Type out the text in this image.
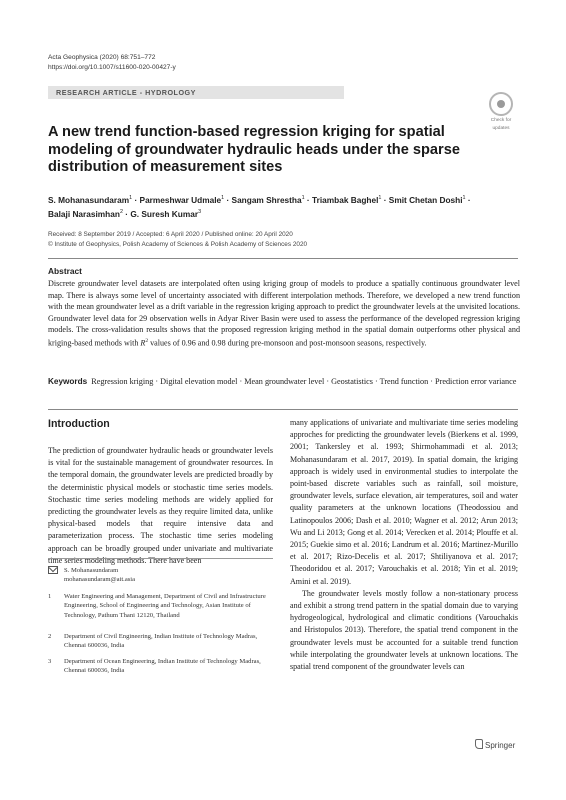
Acta Geophysica (2020) 68:751–772
https://doi.org/10.1007/s11600-020-00427-y
RESEARCH ARTICLE - HYDROLOGY
Check for
updates
A new trend function-based regression kriging for spatial modeling of groundwater hydraulic heads under the sparse distribution of measurement sites
S. Mohanasundaram$^1$ · Parmeshwar Udmale$^1$ · Sangam Shrestha$^1$ · Triambak Baghel$^1$ · Smit Chetan Doshi$^1$ ·
Balaji Narasimhan$^2$ · G. Suresh Kumar$^3$
Received: 8 September 2019 / Accepted: 6 April 2020 / Published online: 20 April 2020
© Institute of Geophysics, Polish Academy of Sciences & Polish Academy of Sciences 2020
Abstract
Discrete groundwater level datasets are interpolated often using kriging group of models to produce a spatially continuous groundwater level map. There is always some level of uncertainty associated with different interpolation methods. Therefore, we developed a new trend function with the mean groundwater level as a drift variable in the regression kriging approach to predict the groundwater levels at the unvisited locations. Groundwater level data for 29 observation wells in Adyar River Basin were used to assess the performance of the developed regression kriging models. The cross-validation results shows that the proposed regression kriging method in the spatial domain outperforms other physical and kriging-based methods with $R^2$ values of 0.96 and 0.98 during pre-monsoon and post-monsoon seasons, respectively.
Keywords Regression kriging · Digital elevation model · Mean groundwater level · Geostatistics · Trend function · Prediction error variance
Introduction

The prediction of groundwater hydraulic heads or groundwater levels is vital for the sustainable management of groundwater resources. In the temporal domain, the groundwater levels are predicted broadly by the deterministic physical models or stochastic time series models. Stochastic time series modeling methods are widely applied for predicting the groundwater levels as they require limited data, unlike physical-based models that require intensive data and parameterization process. The stochastic time series modeling approach can be broadly grouped under univariate and multivariate time series modeling methods. There have been

many applications of univariate and multivariate time series modeling approches for predicting the groundwater levels (Bierkens et al. 1999, 2001; Tankersley et al. 1993; Shirmohammadi et al. 2013; Mohanasundaram et al. 2017, 2019). In spatial domain, the kriging approach is widely used in environmental studies to interpolate the point-based discrete variables such as rainfall, soil moisture, groundwater levels, surface elevation, air temperatures, soil and water quality parameters at the unknown locations (Theodossiou and Latinopoulos 2006; Dash et al. 2010; Wagner et al. 2012; Arun 2013; Wu and Li 2013; Gong et al. 2014; Verecken et al. 2014; Plouffe et al. 2015; Guekie simo et al. 2016; Landrum et al. 2016; Martinez-Murillo et al. 2017; Rizo-Decelis et al. 2017; Shtiliyanova et al. 2017; Theodoridou et al. 2017; Varouchakis et al. 2018; Yin et al. 2019; Amini et al. 2019).

The groundwater levels mostly follow a non-stationary process and exhibit a strong trend pattern in the spatial domain due to varying hydrogeological, hydrological and climatic conditions (Varouchakis and Hristopulos 2013). Therefore, the spatial trend component in the groundwater levels must be accounted for a suitable trend function while interpolating the groundwater levels at unknown locations. The spatial trend component of the groundwater levels can

S. Mohanasundaram
mohanasundaram@ait.asia
1 Water Engineering and Management, Department of Civil and Infrastructure Engineering, School of Engineering and Technology, Asian Institute of Technology, Pathum Thani 12120, Thailand
2 Department of Civil Engineering, Indian Institute of Technology Madras, Chennai 600036, India
3 Department of Ocean Engineering, Indian Institute of Technology Madras, Chennai 600036, India
Springer
